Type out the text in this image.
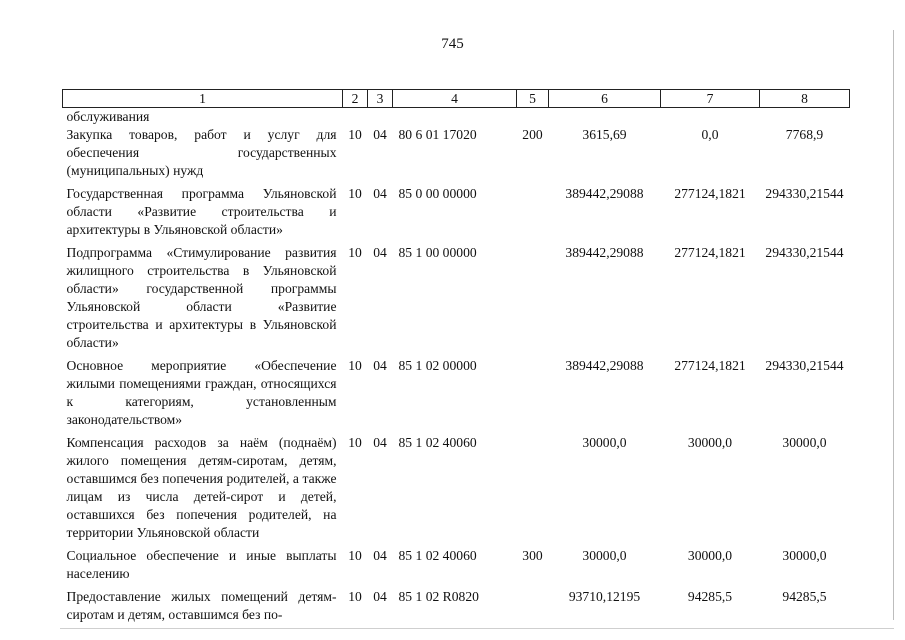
745
1	2	3	4	5	6	7	8
обслуживания							
Закупка товаров, работ и услуг для обеспечения государственных (муниципальных) нужд	10	04	80 6 01 17020	200	3615,69	0,0	7768,9
Государственная программа Ульяновской области «Развитие строительства и архитектуры в Ульяновской области»	10	04	85 0 00 00000		389442,29088	277124,1821	294330,21544
Подпрограмма «Стимулирование развития жилищного строительства в Ульяновской области» государственной программы Ульяновской области «Развитие строительства и архитектуры в Ульяновской области»	10	04	85 1 00 00000		389442,29088	277124,1821	294330,21544
Основное мероприятие «Обеспечение жилыми помещениями граждан, относящихся к категориям, установленным законодательством»	10	04	85 1 02 00000		389442,29088	277124,1821	294330,21544
Компенсация расходов за наём (поднаём) жилого помещения детям-сиротам, детям, оставшимся без попечения родителей, а также лицам из числа детей-сирот и детей, оставшихся без попечения родителей, на территории Ульяновской области	10	04	85 1 02 40060		30000,0	30000,0	30000,0
Социальное обеспечение и иные выплаты населению	10	04	85 1 02 40060	300	30000,0	30000,0	30000,0
Предоставление жилых помещений детям-сиротам и детям, оставшимся без по-	10	04	85 1 02 R0820		93710,12195	94285,5	94285,5
